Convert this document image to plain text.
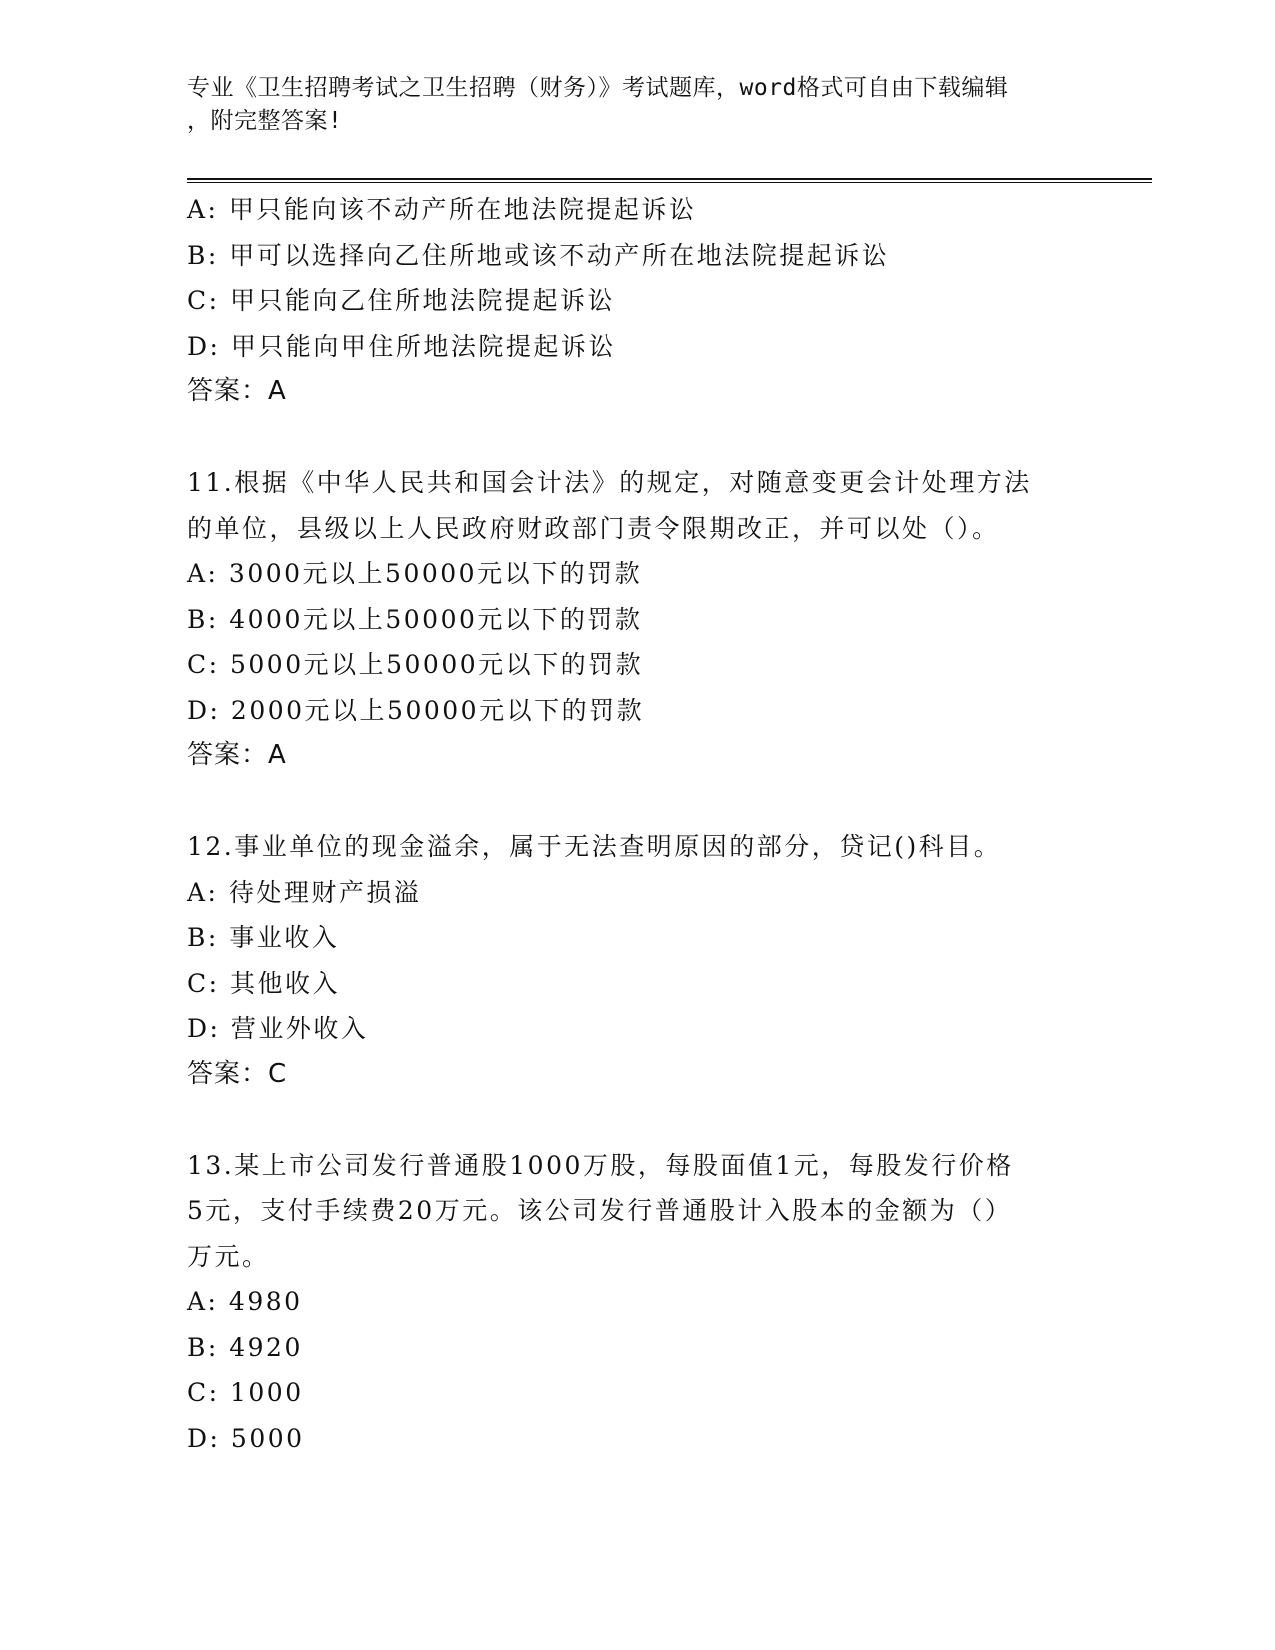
专业《卫生招聘考试之卫生招聘（财务）》考试题库，word格式可自由下载编辑
，附完整答案!
A: 甲只能向该不动产所在地法院提起诉讼
B: 甲可以选择向乙住所地或该不动产所在地法院提起诉讼
C: 甲只能向乙住所地法院提起诉讼
D: 甲只能向甲住所地法院提起诉讼
答案：A
11.根据《中华人民共和国会计法》的规定，对随意变更会计处理方法
的单位，县级以上人民政府财政部门责令限期改正，并可以处（）。
A: 3000元以上50000元以下的罚款
B: 4000元以上50000元以下的罚款
C: 5000元以上50000元以下的罚款
D: 2000元以上50000元以下的罚款
答案：A
12.事业单位的现金溢余，属于无法查明原因的部分，贷记()科目。
A: 待处理财产损溢
B: 事业收入
C: 其他收入
D: 营业外收入
答案：C
13.某上市公司发行普通股1000万股，每股面值1元，每股发行价格
5元，支付手续费20万元。该公司发行普通股计入股本的金额为（）
万元。
A: 4980
B: 4920
C: 1000
D: 5000
